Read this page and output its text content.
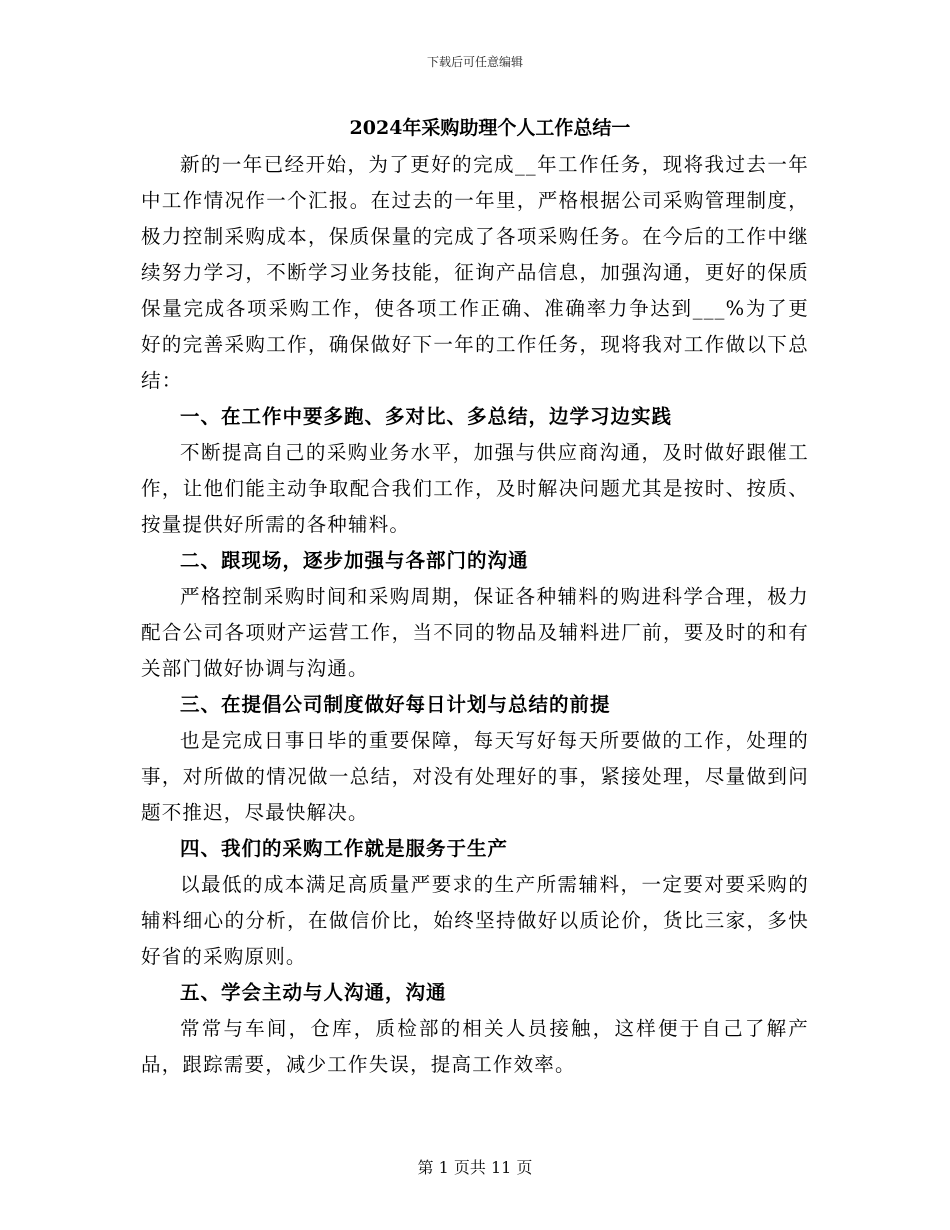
下载后可任意编辑
2024年采购助理个人工作总结一

新的一年已经开始，为了更好的完成__年工作任务，现将我过去一年中工作情况作一个汇报。在过去的一年里，严格根据公司采购管理制度，极力控制采购成本，保质保量的完成了各项采购任务。在今后的工作中继续努力学习，不断学习业务技能，征询产品信息，加强沟通，更好的保质保量完成各项采购工作，使各项工作正确、准确率力争达到___%为了更好的完善采购工作，确保做好下一年的工作任务，现将我对工作做以下总结：

一、在工作中要多跑、多对比、多总结，边学习边实践

不断提高自己的采购业务水平，加强与供应商沟通，及时做好跟催工作，让他们能主动争取配合我们工作，及时解决问题尤其是按时、按质、按量提供好所需的各种辅料。

二、跟现场，逐步加强与各部门的沟通

严格控制采购时间和采购周期，保证各种辅料的购进科学合理，极力配合公司各项财产运营工作，当不同的物品及辅料进厂前，要及时的和有关部门做好协调与沟通。

三、在提倡公司制度做好每日计划与总结的前提

也是完成日事日毕的重要保障，每天写好每天所要做的工作，处理的事，对所做的情况做一总结，对没有处理好的事，紧接处理，尽量做到问题不推迟，尽最快解决。

四、我们的采购工作就是服务于生产

以最低的成本满足高质量严要求的生产所需辅料，一定要对要采购的辅料细心的分析，在做信价比，始终坚持做好以质论价，货比三家，多快好省的采购原则。

五、学会主动与人沟通，沟通

常常与车间，仓库，质检部的相关人员接触，这样便于自己了解产品，跟踪需要，减少工作失误，提高工作效率。

第 1 页共 11 页
